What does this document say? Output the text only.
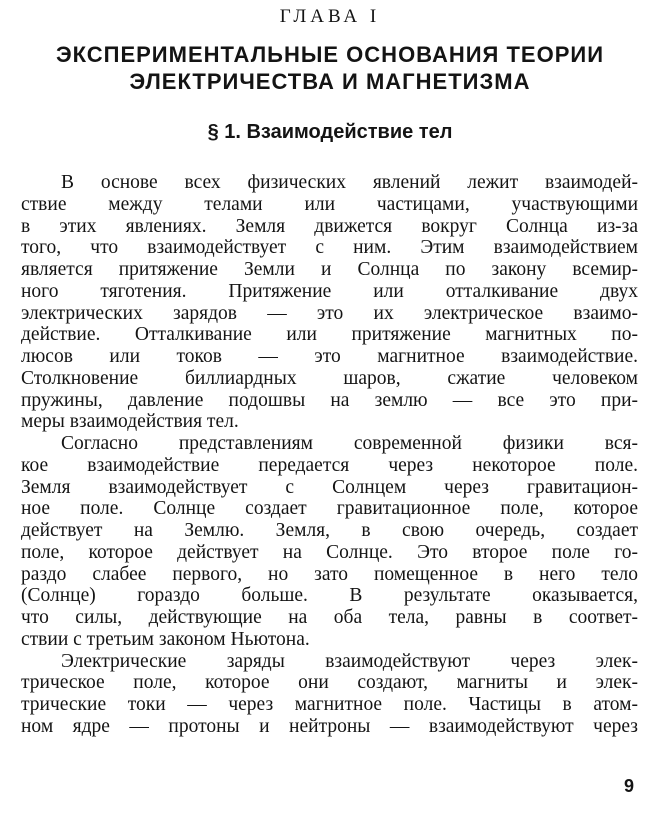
ГЛАВА I
ЭКСПЕРИМЕНТАЛЬНЫЕ ОСНОВАНИЯ ТЕОРИИ
ЭЛЕКТРИЧЕСТВА И МАГНЕТИЗМА
§ 1. Взаимодействие тел
В основе всех физических явлений лежит взаимодей-
ствие между телами или частицами, участвующими
в этих явлениях. Земля движется вокруг Солнца из-за
того, что взаимодействует с ним. Этим взаимодействием
является притяжение Земли и Солнца по закону всемир-
ного тяготения. Притяжение или отталкивание двух
электрических зарядов — это их электрическое взаимо-
действие. Отталкивание или притяжение магнитных по-
люсов или токов — это магнитное взаимодействие.
Столкновение биллиардных шаров, сжатие человеком
пружины, давление подошвы на землю — все это при-
меры взаимодействия тел.
Согласно представлениям современной физики вся-
кое взаимодействие передается через некоторое поле.
Земля взаимодействует с Солнцем через гравитацион-
ное поле. Солнце создает гравитационное поле, которое
действует на Землю. Земля, в свою очередь, создает
поле, которое действует на Солнце. Это второе поле го-
раздо слабее первого, но зато помещенное в него тело
(Солнце) гораздо больше. В результате оказывается,
что силы, действующие на оба тела, равны в соответ-
ствии с третьим законом Ньютона.
Электрические заряды взаимодействуют через элек-
трическое поле, которое они создают, магниты и элек-
трические токи — через магнитное поле. Частицы в атом-
ном ядре — протоны и нейтроны — взаимодействуют через
9
